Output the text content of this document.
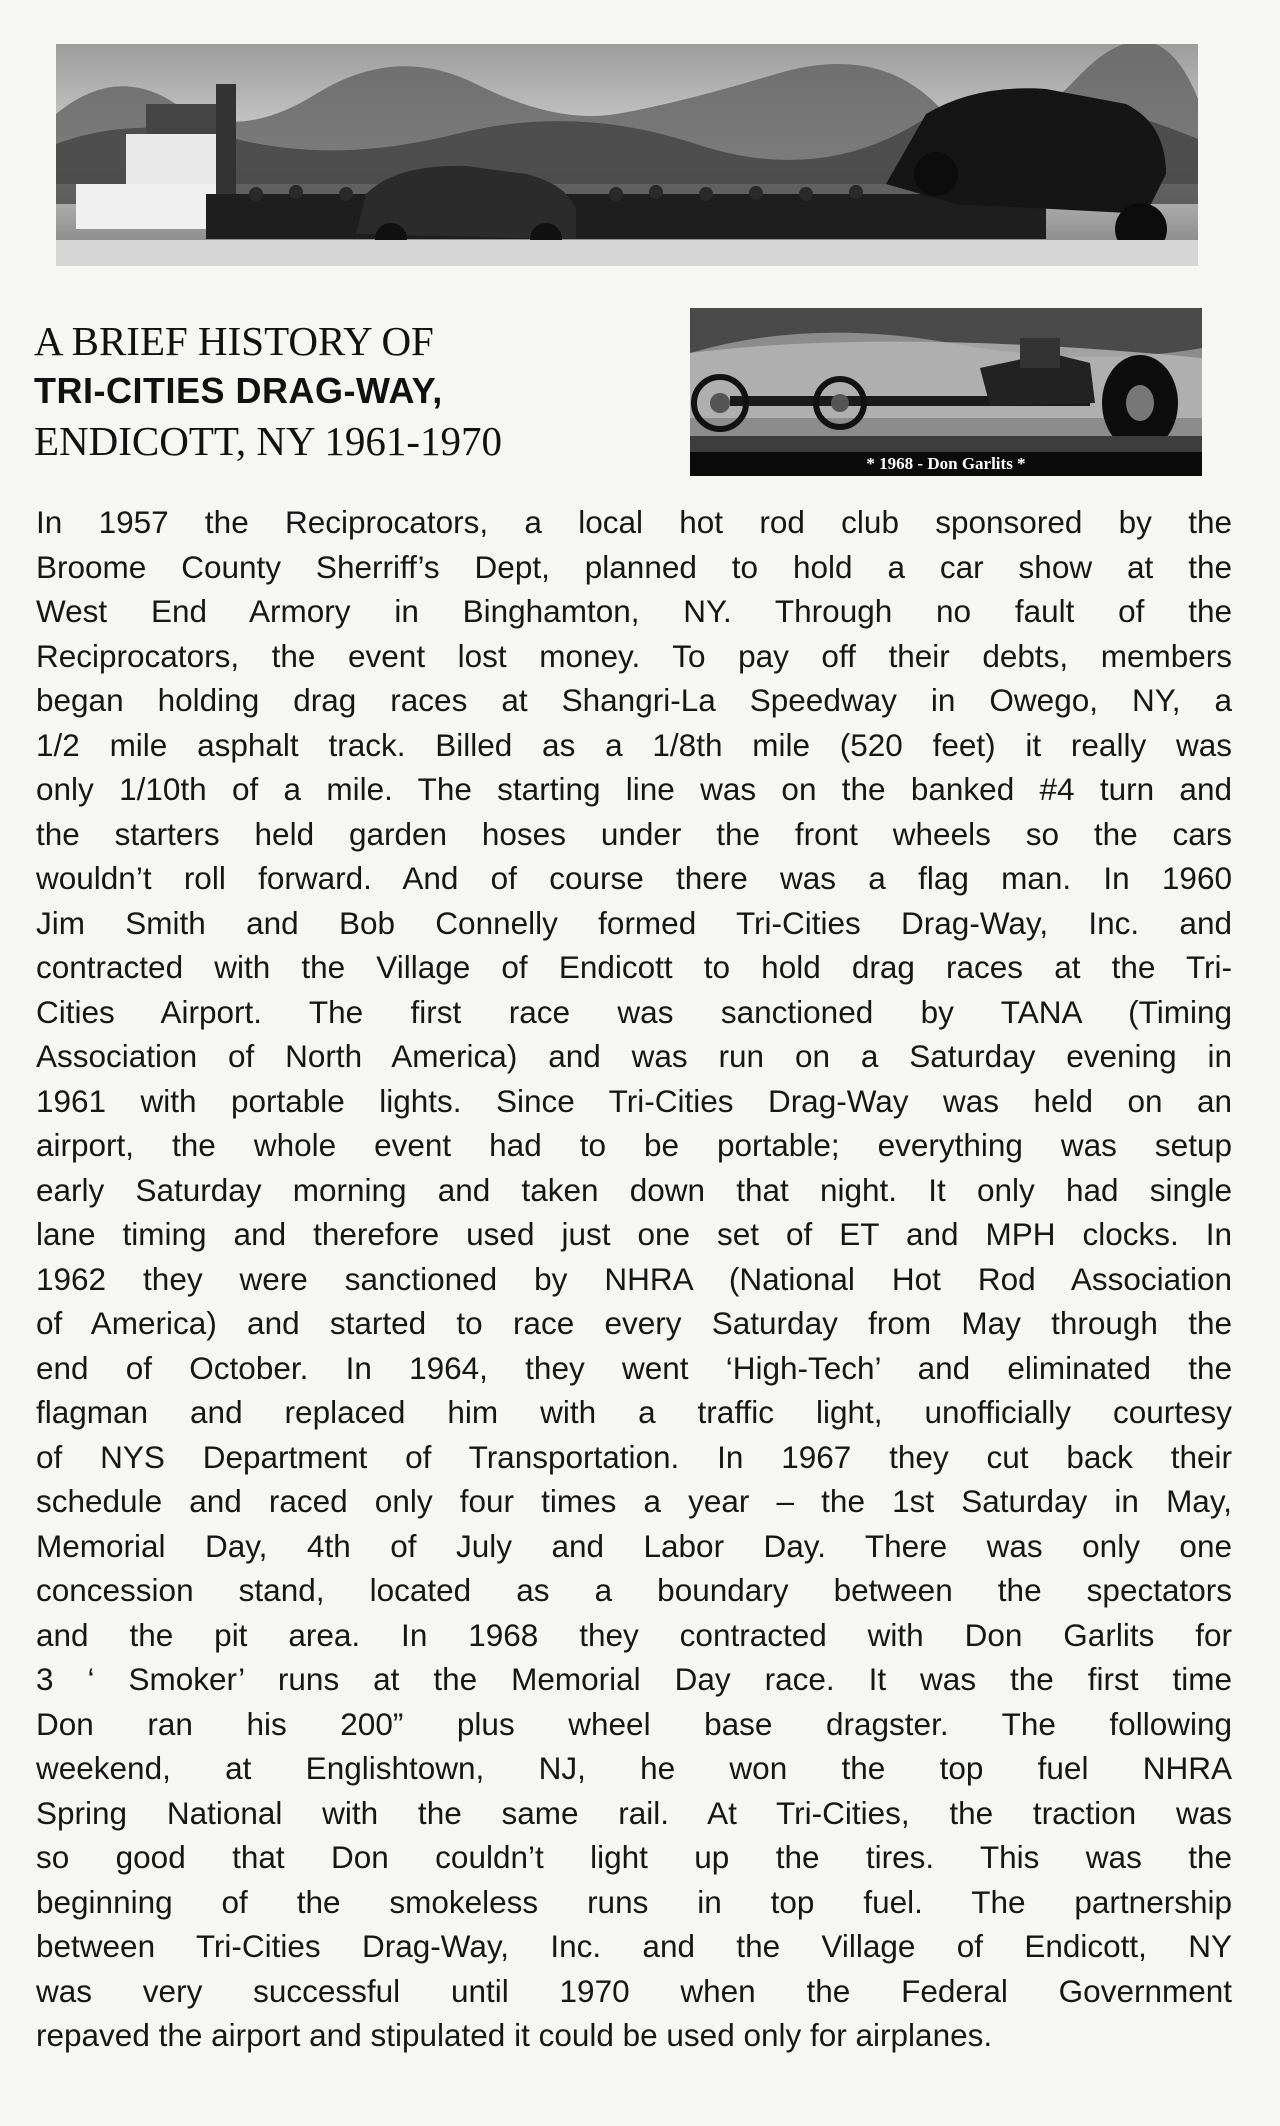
A BRIEF HISTORY OF
TRI-CITIES DRAG-WAY,
ENDICOTT, NY 1961-1970	* 1968 - Don Garlits *
In 1957 the Reciprocators, a local hot rod club sponsored by the
Broome County Sherriff’s Dept, planned to hold a car show at the
West End Armory in Binghamton, NY. Through no fault of the
Reciprocators, the event lost money. To pay off their debts, members
began holding drag races at Shangri-La Speedway in Owego, NY, a
1/2 mile asphalt track. Billed as a 1/8th mile (520 feet) it really was
only 1/10th of a mile. The starting line was on the banked #4 turn and
the starters held garden hoses under the front wheels so the cars
wouldn’t roll forward. And of course there was a flag man. In 1960
Jim Smith and Bob Connelly formed Tri-Cities Drag-Way, Inc. and
contracted with the Village of Endicott to hold drag races at the Tri-
Cities Airport. The first race was sanctioned by TANA (Timing
Association of North America) and was run on a Saturday evening in
1961 with portable lights. Since Tri-Cities Drag-Way was held on an
airport, the whole event had to be portable; everything was setup
early Saturday morning and taken down that night. It only had single
lane timing and therefore used just one set of ET and MPH clocks. In
1962 they were sanctioned by NHRA (National Hot Rod Association
of America) and started to race every Saturday from May through the
end of October. In 1964, they went ‘High-Tech’ and eliminated the
flagman and replaced him with a traffic light, unofficially courtesy
of NYS Department of Transportation. In 1967 they cut back their
schedule and raced only four times a year – the 1st Saturday in May,
Memorial Day, 4th of July and Labor Day. There was only one
concession stand, located as a boundary between the spectators
and the pit area. In 1968 they contracted with Don Garlits for
3 ‘ Smoker’ runs at the Memorial Day race. It was the first time
Don ran his 200” plus wheel base dragster. The following
weekend, at Englishtown, NJ, he won the top fuel NHRA
Spring National with the same rail. At Tri-Cities, the traction was
so good that Don couldn’t light up the tires. This was the
beginning of the smokeless runs in top fuel. The partnership
between Tri-Cities Drag-Way, Inc. and the Village of Endicott, NY
was very successful until 1970 when the Federal Government
repaved the airport and stipulated it could be used only for airplanes.
